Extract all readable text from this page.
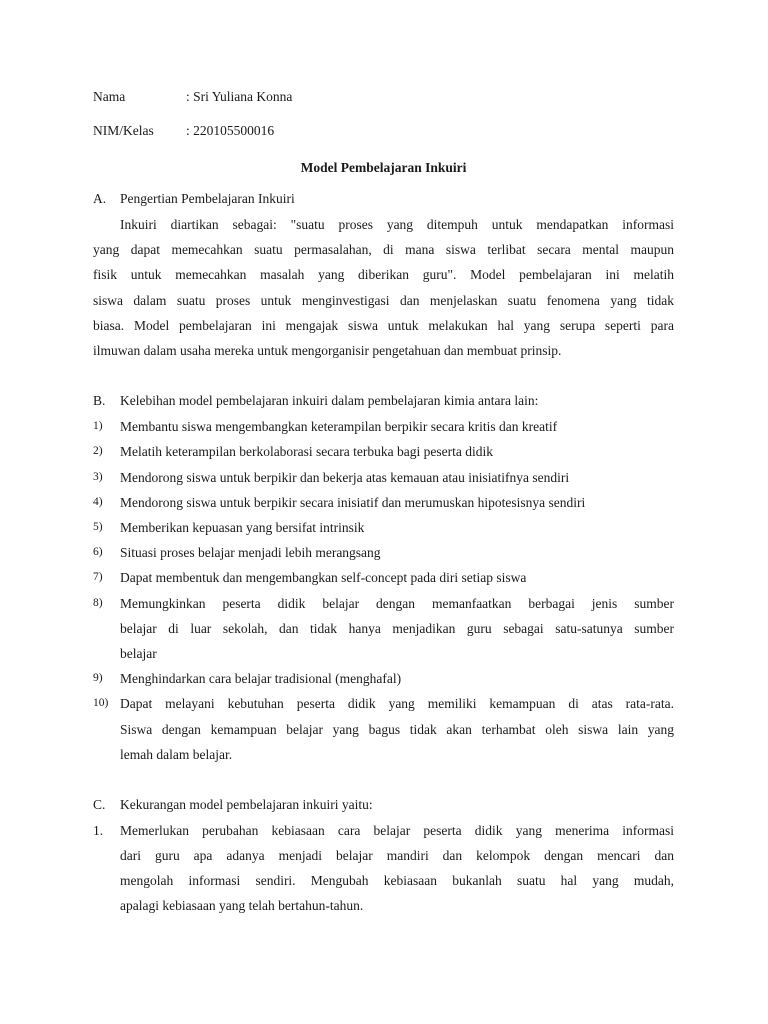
Nama	: Sri Yuliana Konna
NIM/Kelas	: 220105500016
Model Pembelajaran Inkuiri
A.	Pengertian Pembelajaran Inkuiri
Inkuiri diartikan sebagai: "suatu proses yang ditempuh untuk mendapatkan informasi
yang dapat memecahkan suatu permasalahan, di mana siswa terlibat secara mental maupun
fisik untuk memecahkan masalah yang diberikan guru". Model pembelajaran ini melatih
siswa dalam suatu proses untuk menginvestigasi dan menjelaskan suatu fenomena yang tidak
biasa. Model pembelajaran ini mengajak siswa untuk melakukan hal yang serupa seperti para
ilmuwan dalam usaha mereka untuk mengorganisir pengetahuan dan membuat prinsip.
B.	Kelebihan model pembelajaran inkuiri dalam pembelajaran kimia antara lain:
1)	Membantu siswa mengembangkan keterampilan berpikir secara kritis dan kreatif
2)	Melatih keterampilan berkolaborasi secara terbuka bagi peserta didik
3)	Mendorong siswa untuk berpikir dan bekerja atas kemauan atau inisiatifnya sendiri
4)	Mendorong siswa untuk berpikir secara inisiatif dan merumuskan hipotesisnya sendiri
5)	Memberikan kepuasan yang bersifat intrinsik
6)	Situasi proses belajar menjadi lebih merangsang
7)	Dapat membentuk dan mengembangkan self-concept pada diri setiap siswa
8)	Memungkinkan peserta didik belajar dengan memanfaatkan berbagai jenis sumber
belajar di luar sekolah, dan tidak hanya menjadikan guru sebagai satu-satunya sumber
belajar
9)	Menghindarkan cara belajar tradisional (menghafal)
10) Dapat melayani kebutuhan peserta didik yang memiliki kemampuan di atas rata-rata.
Siswa dengan kemampuan belajar yang bagus tidak akan terhambat oleh siswa lain yang
lemah dalam belajar.
C.	Kekurangan model pembelajaran inkuiri yaitu:
1.	Memerlukan perubahan kebiasaan cara belajar peserta didik yang menerima informasi
dari guru apa adanya menjadi belajar mandiri dan kelompok dengan mencari dan
mengolah informasi sendiri. Mengubah kebiasaan bukanlah suatu hal yang mudah,
apalagi kebiasaan yang telah bertahun-tahun.
